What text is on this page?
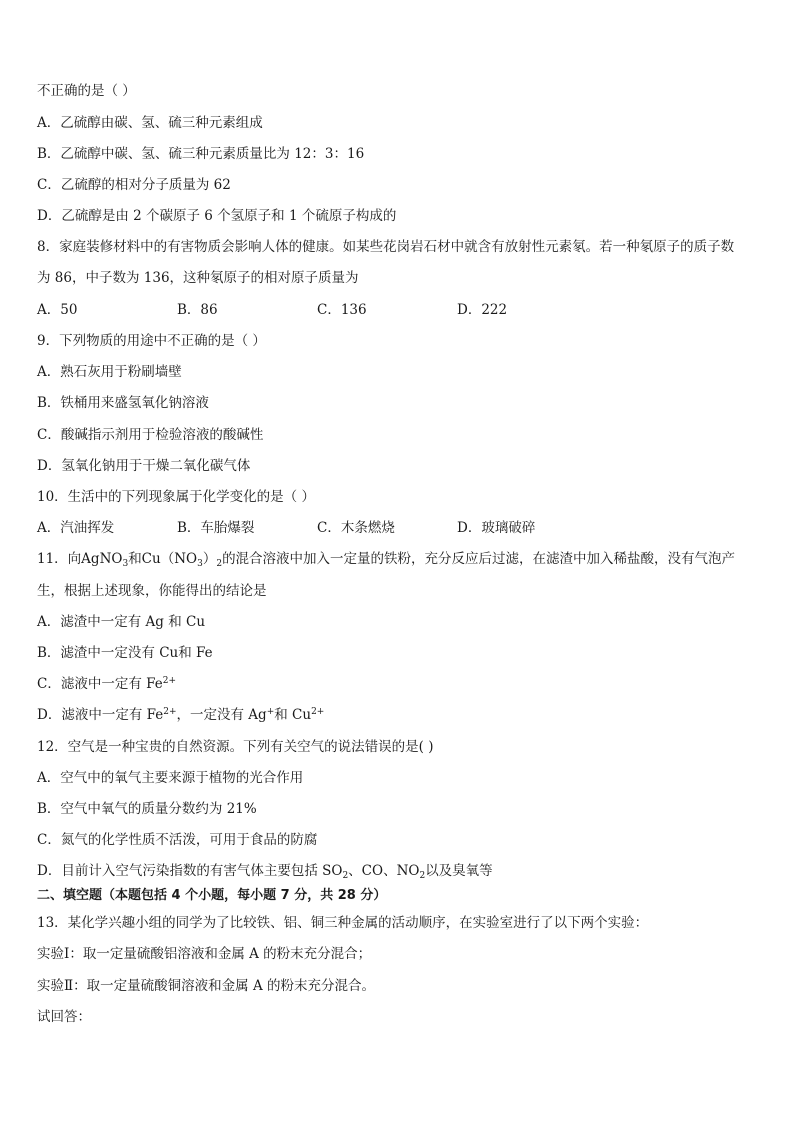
不正确的是（ ）
A．乙硫醇由碳、氢、硫三种元素组成
B．乙硫醇中碳、氢、硫三种元素质量比为 12：3：16
C．乙硫醇的相对分子质量为 62
D．乙硫醇是由 2 个碳原子 6 个氢原子和 1 个硫原子构成的
8．家庭装修材料中的有害物质会影响人体的健康。如某些花岗岩石材中就含有放射性元素氡。若一种氡原子的质子数
为 86，中子数为 136，这种氡原子的相对原子质量为
A．50	B．86	C．136	D．222
9．下列物质的用途中不正确的是（ ）
A．熟石灰用于粉刷墙壁
B．铁桶用来盛氢氧化钠溶液
C．酸碱指示剂用于检验溶液的酸碱性
D．氢氧化钠用于干燥二氧化碳气体
10．生活中的下列现象属于化学变化的是（ ）
A．汽油挥发	B．车胎爆裂	C．木条燃烧	D．玻璃破碎
11．向AgNO$_3$和$Cu(NO_3)_2$的混合溶液中加入一定量的铁粉，充分反应后过滤，在滤渣中加入稀盐酸，没有气泡产
生，根据上述现象，你能得出的结论是
A．滤渣中一定有 Ag 和 Cu
B．滤渣中一定没有 Cu和 Fe
C．滤液中一定有 $Fe^{2+}$
D．滤液中一定有 $Fe^{2+}$，一定没有 Ag+和 $Cu^{2+}$
12．空气是一种宝贵的自然资源。下列有关空气的说法错误的是( )
A．空气中的氧气主要来源于植物的光合作用
B．空气中氧气的质量分数约为 21%
C．氮气的化学性质不活泼，可用于食品的防腐
D．目前计入空气污染指数的有害气体主要包括 $SO_2$、CO、$NO_2$以及臭氧等
二、填空题（本题包括 4 个小题，每小题 7 分，共 28 分）
13．某化学兴趣小组的同学为了比较铁、铝、铜三种金属的活动顺序，在实验室进行了以下两个实验：
实验Ⅰ：取一定量硫酸铝溶液和金属 A 的粉末充分混合；
实验Ⅱ：取一定量硫酸铜溶液和金属 A 的粉末充分混合。
试回答：
